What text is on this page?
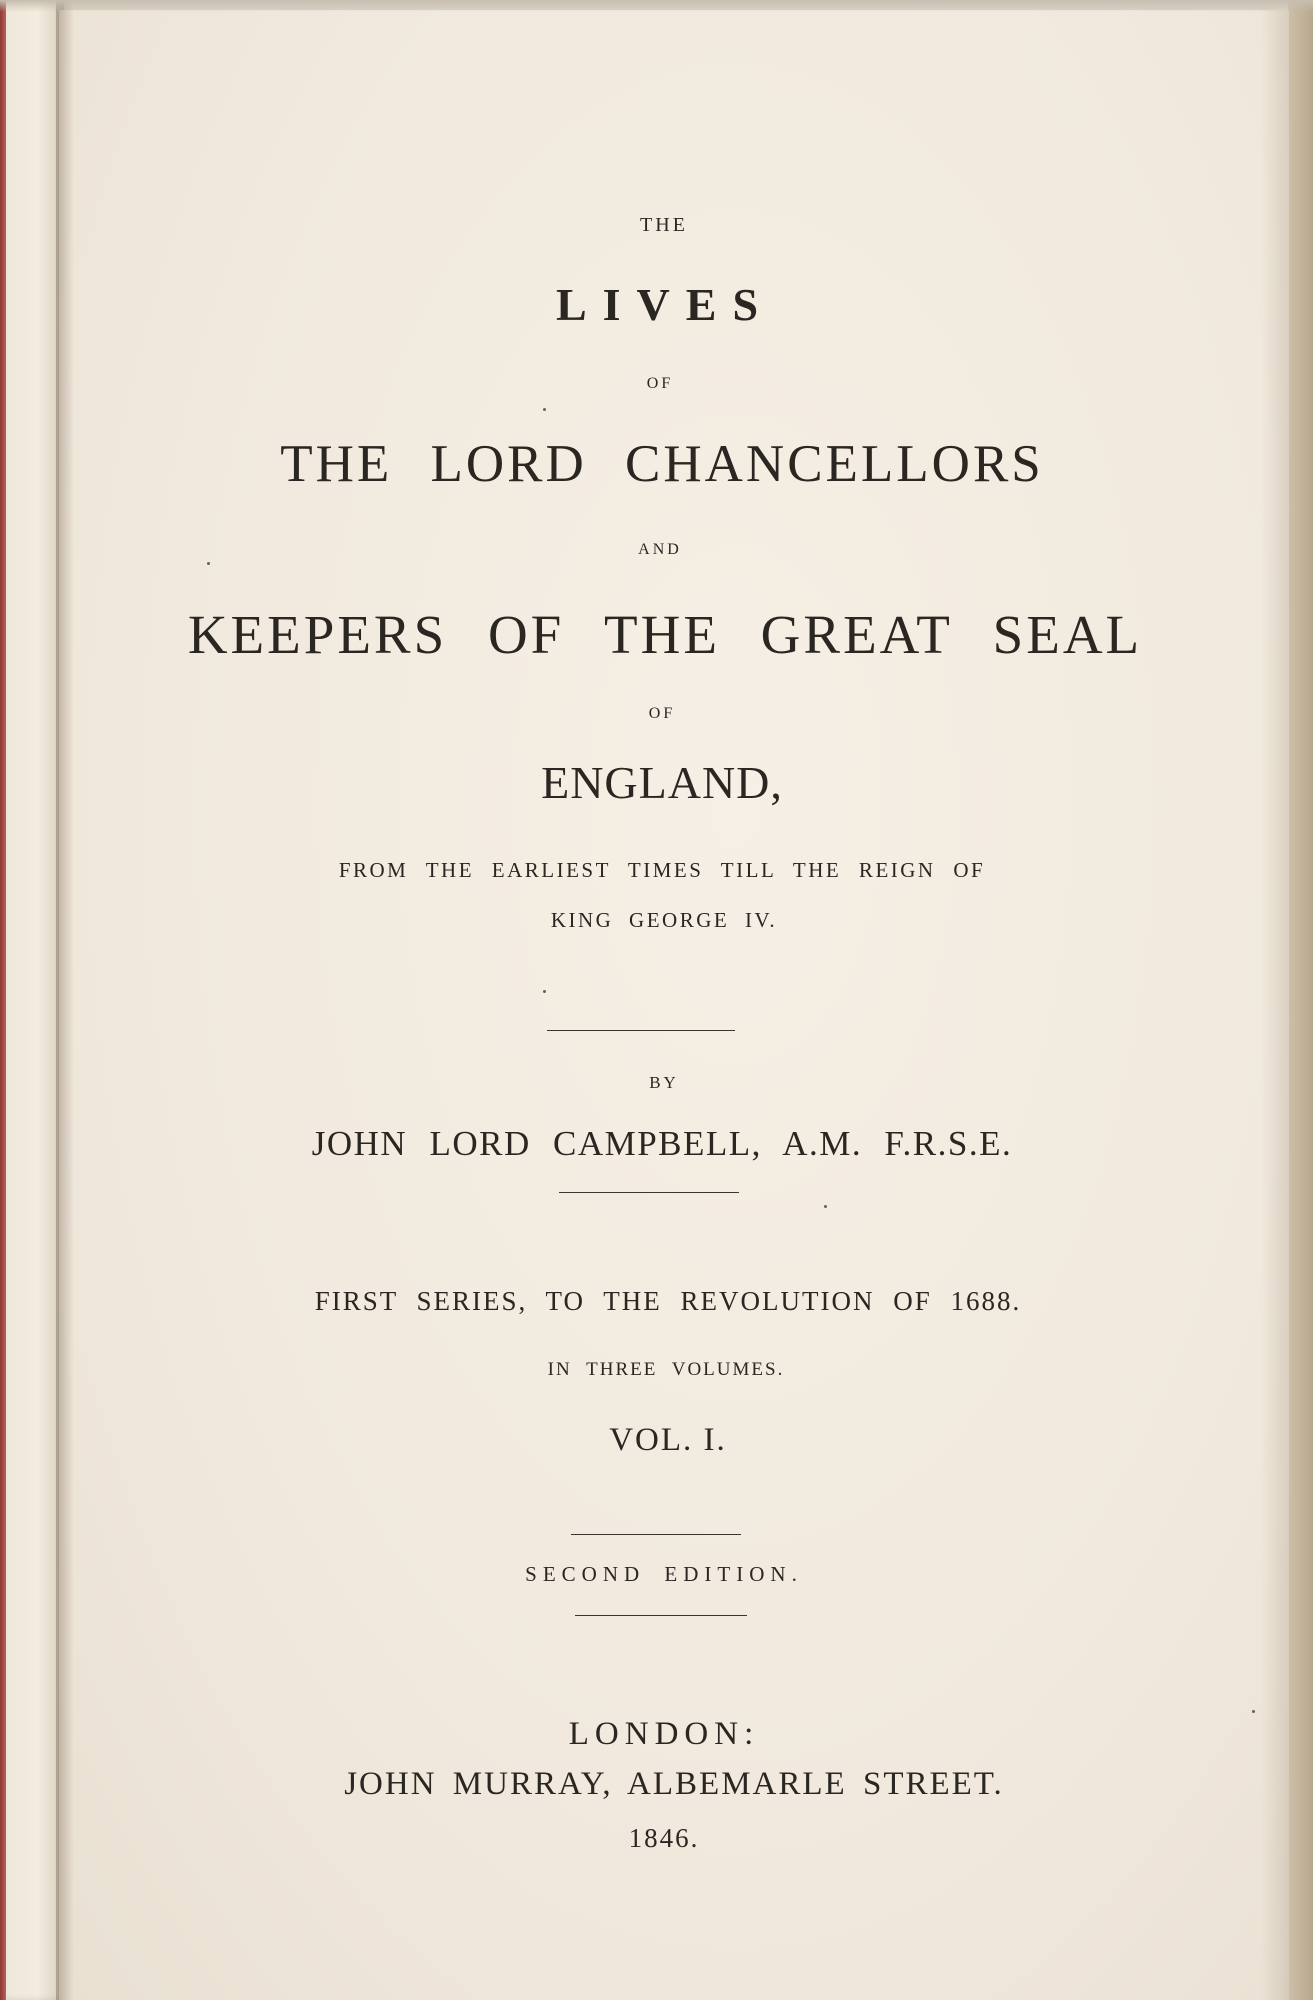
THE
LIVES
OF
THE LORD CHANCELLORS
AND
KEEPERS OF THE GREAT SEAL
OF
ENGLAND,
FROM THE EARLIEST TIMES TILL THE REIGN OF
KING GEORGE IV.
BY
JOHN LORD CAMPBELL, A.M. F.R.S.E.
FIRST SERIES, TO THE REVOLUTION OF 1688.
IN THREE VOLUMES.
VOL. I.
SECOND EDITION.
LONDON:
JOHN MURRAY, ALBEMARLE STREET.
1846.
